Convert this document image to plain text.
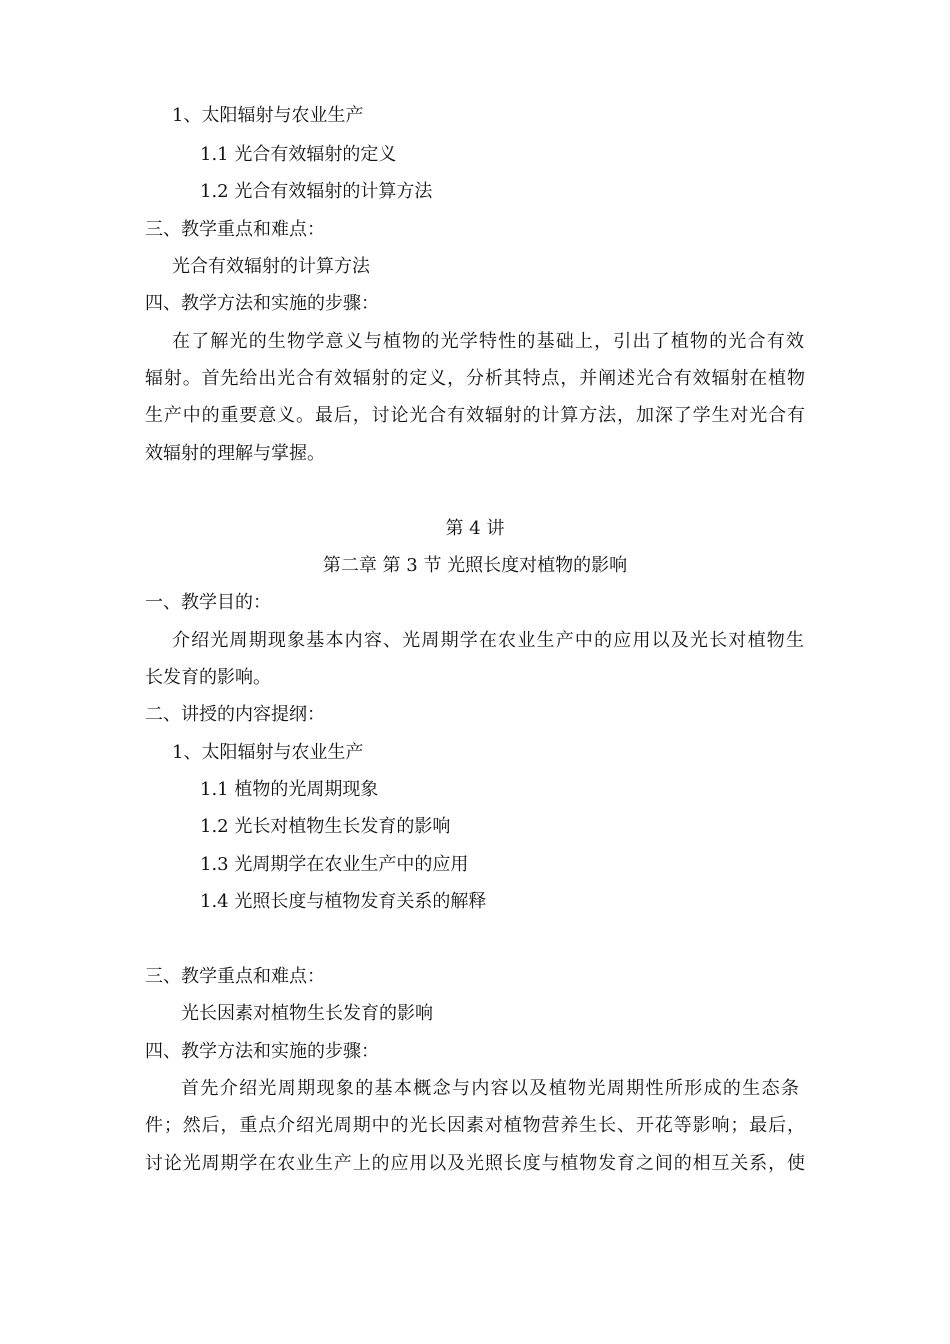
1、太阳辐射与农业生产
1.1 光合有效辐射的定义
1.2 光合有效辐射的计算方法
三、教学重点和难点：
光合有效辐射的计算方法
四、教学方法和实施的步骤：
在了解光的生物学意义与植物的光学特性的基础上，引出了植物的光合有效
辐射。首先给出光合有效辐射的定义，分析其特点，并阐述光合有效辐射在植物
生产中的重要意义。最后，讨论光合有效辐射的计算方法，加深了学生对光合有
效辐射的理解与掌握。
第 4 讲
第二章 第 3 节 光照长度对植物的影响
一、教学目的：
介绍光周期现象基本内容、光周期学在农业生产中的应用以及光长对植物生
长发育的影响。
二、讲授的内容提纲：
1、太阳辐射与农业生产
1.1 植物的光周期现象
1.2 光长对植物生长发育的影响
1.3 光周期学在农业生产中的应用
1.4 光照长度与植物发育关系的解释
三、教学重点和难点：
光长因素对植物生长发育的影响
四、教学方法和实施的步骤：
首先介绍光周期现象的基本概念与内容以及植物光周期性所形成的生态条
件；然后，重点介绍光周期中的光长因素对植物营养生长、开花等影响；最后，
讨论光周期学在农业生产上的应用以及光照长度与植物发育之间的相互关系，使
